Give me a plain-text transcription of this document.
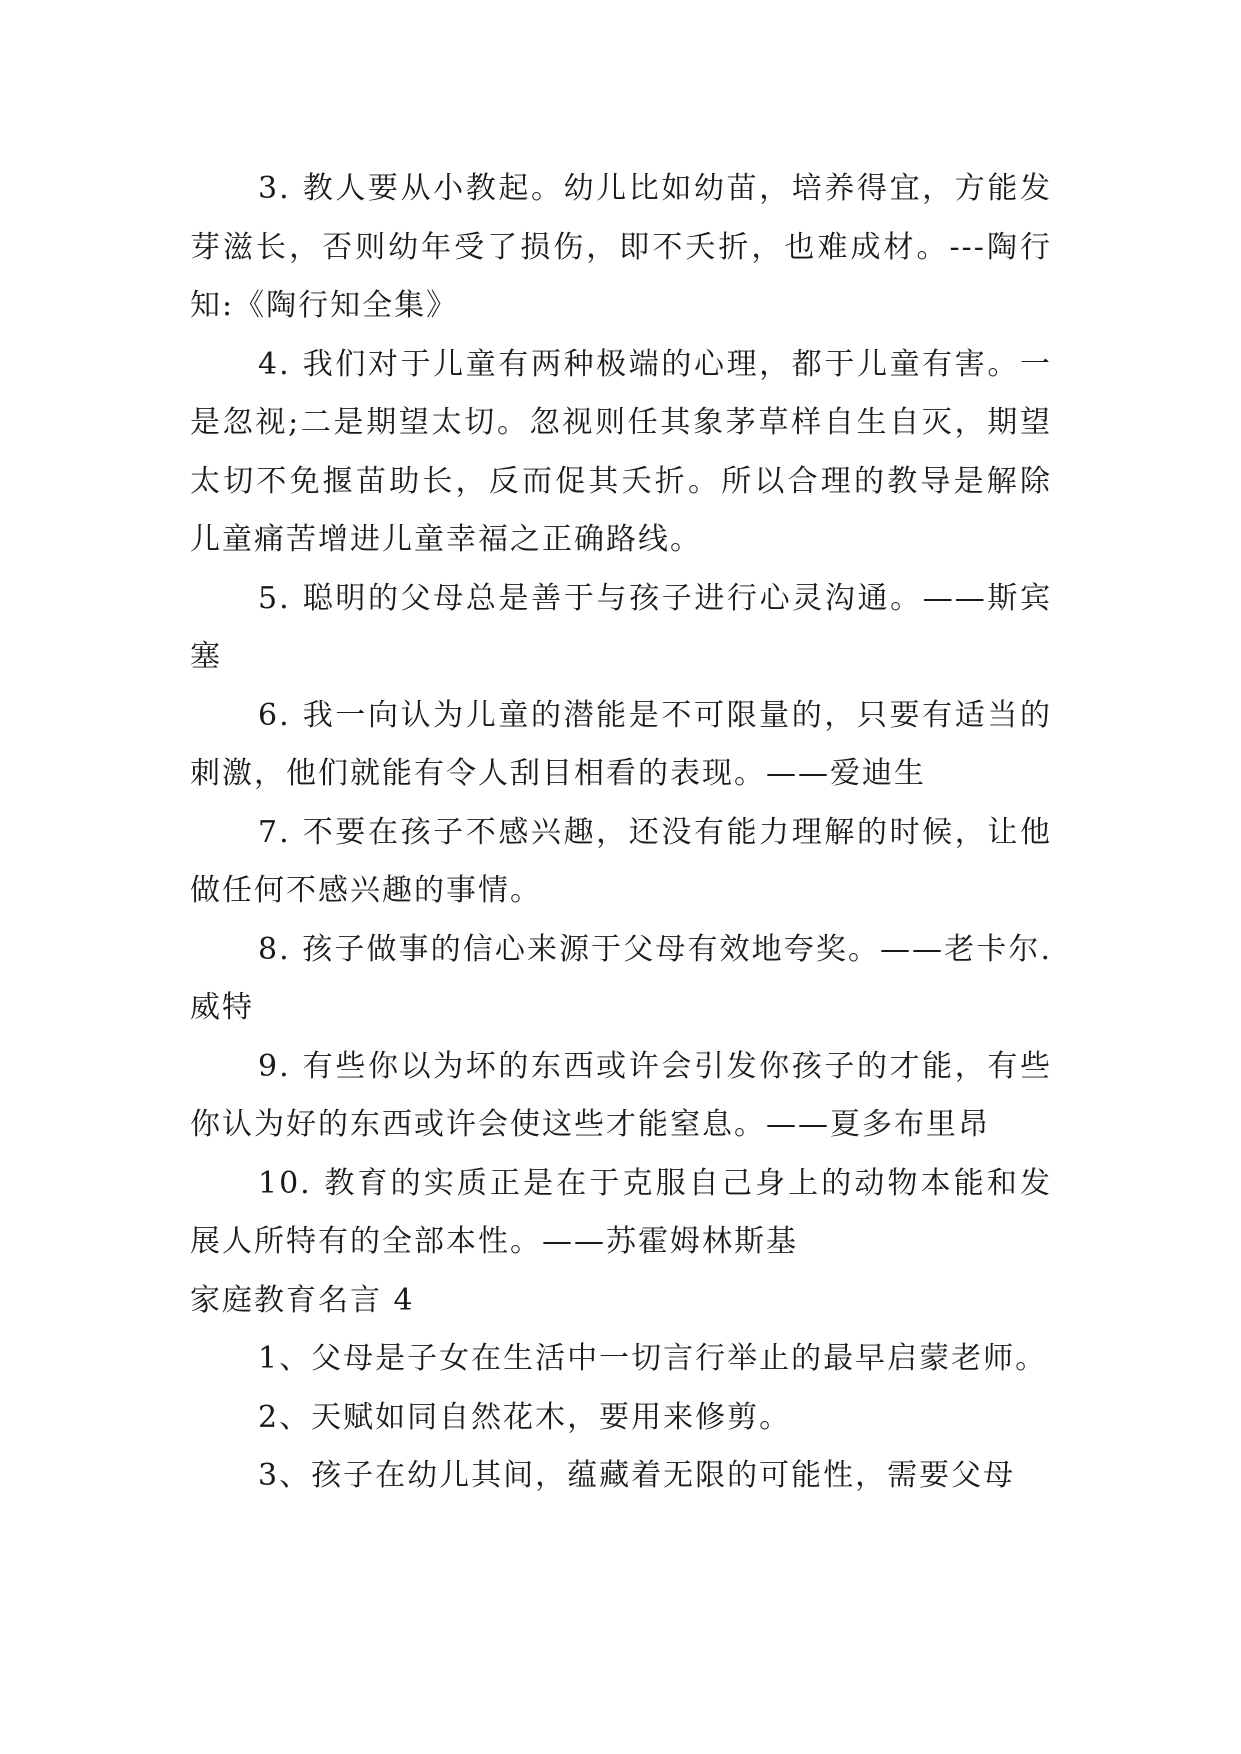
3. 教人要从小教起。幼儿比如幼苗，培养得宜，方能发芽滋长，否则幼年受了损伤，即不夭折，也难成材。---陶行知:《陶行知全集》

4. 我们对于儿童有两种极端的心理，都于儿童有害。一是忽视;二是期望太切。忽视则任其象茅草样自生自灭，期望太切不免揠苗助长，反而促其夭折。所以合理的教导是解除儿童痛苦增进儿童幸福之正确路线。

5. 聪明的父母总是善于与孩子进行心灵沟通。——斯宾塞

6. 我一向认为儿童的潜能是不可限量的，只要有适当的刺激，他们就能有令人刮目相看的表现。——爱迪生

7. 不要在孩子不感兴趣，还没有能力理解的时候，让他做任何不感兴趣的事情。

8. 孩子做事的信心来源于父母有效地夸奖。——老卡尔.威特

9. 有些你以为坏的东西或许会引发你孩子的才能，有些你认为好的东西或许会使这些才能窒息。——夏多布里昂

10. 教育的实质正是在于克服自己身上的动物本能和发展人所特有的全部本性。——苏霍姆林斯基

家庭教育名言 4

1、父母是子女在生活中一切言行举止的最早启蒙老师。

2、天赋如同自然花木，要用来修剪。

3、孩子在幼儿其间，蕴藏着无限的可能性，需要父母
